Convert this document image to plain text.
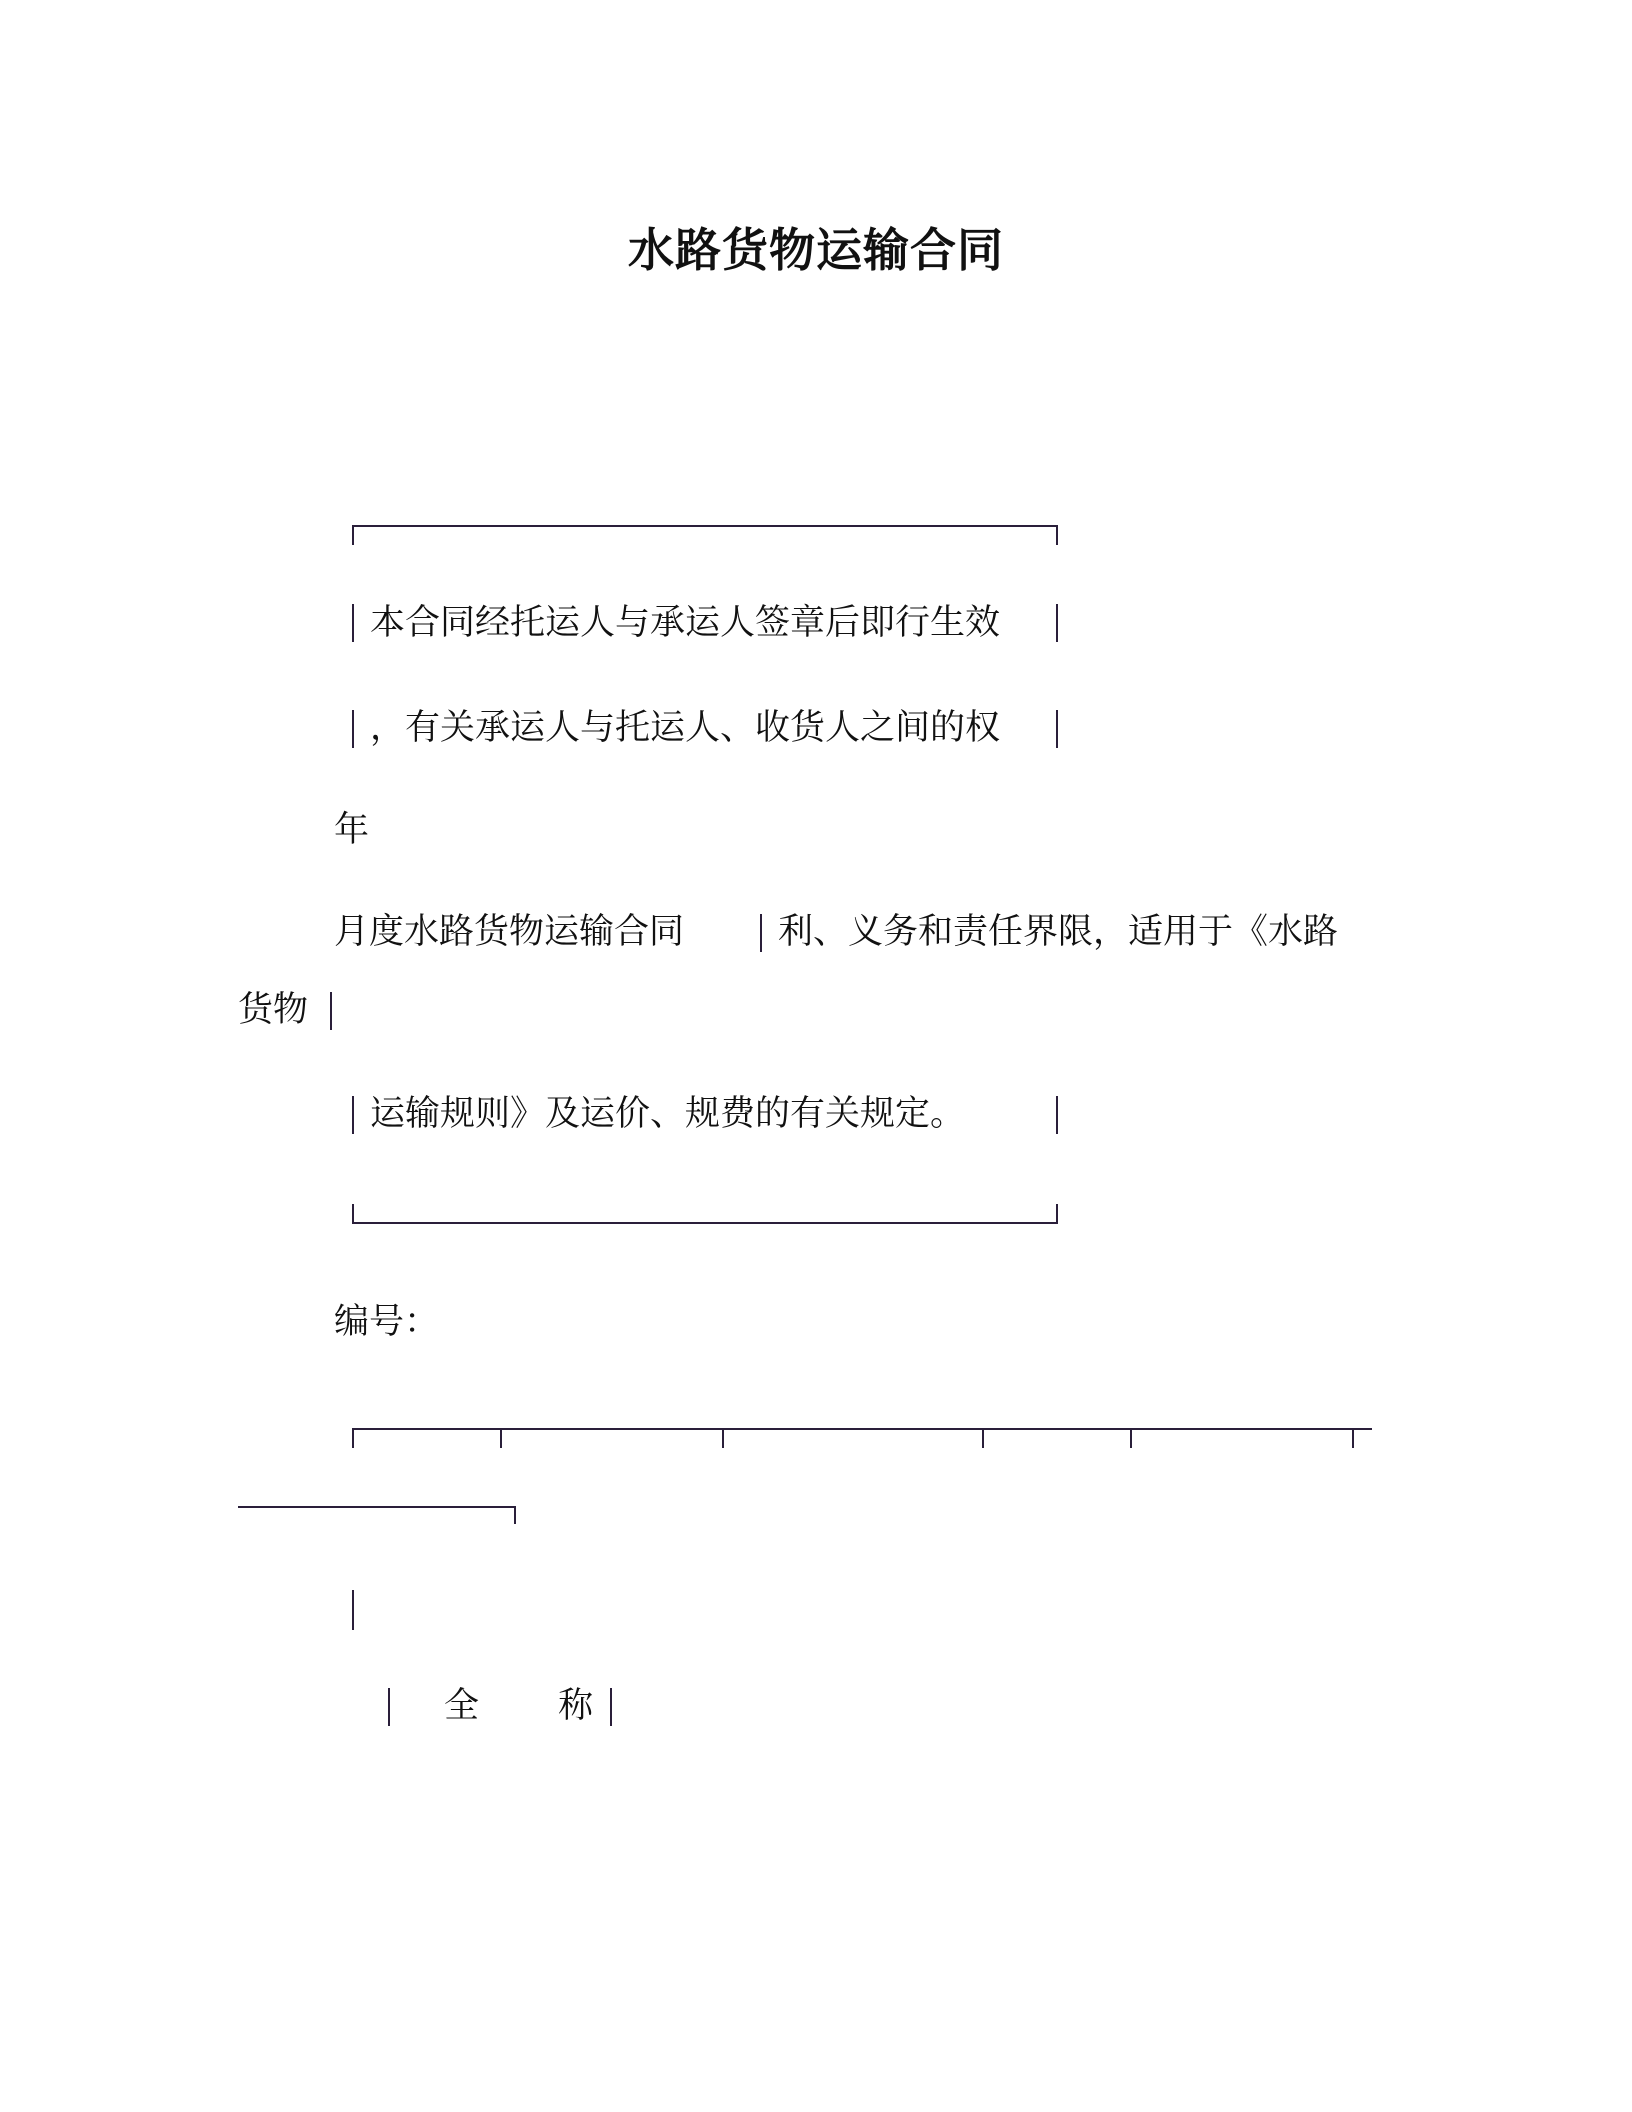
水路货物运输合同
本合同经托运人与承运人签章后即行生效
，有关承运人与托运人、收货人之间的权
年
月度水路货物运输合同	利、义务和责任界限，适用于《水路
货物
运输规则》及运价、规费的有关规定。
编号：
全 称
